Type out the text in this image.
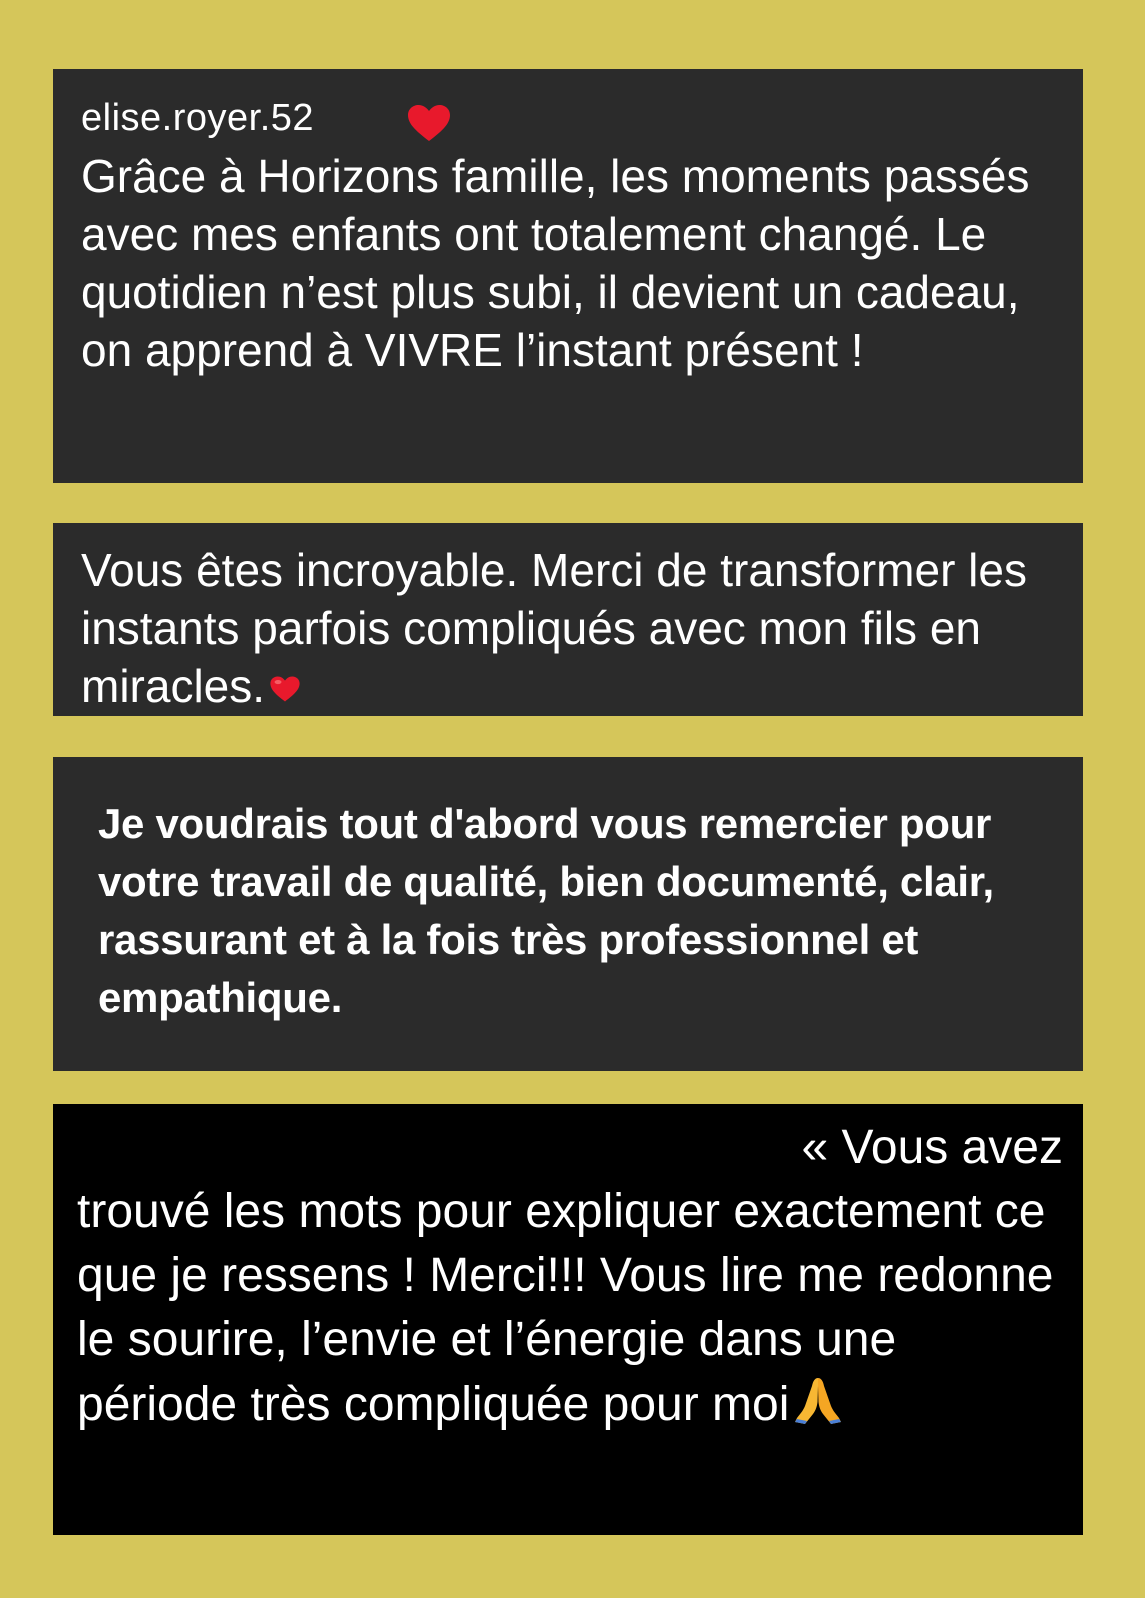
elise.royer.52

Grâce à Horizons famille, les moments passés avec mes enfants ont totalement changé. Le quotidien n’est plus subi, il devient un cadeau, on apprend à VIVRE l’instant présent !

Vous êtes incroyable. Merci de transformer les instants parfois compliqués avec mon fils en miracles.

Je voudrais tout d'abord vous remercier pour votre travail de qualité, bien documenté, clair, rassurant et à la fois très professionnel et empathique.

« Vous avez

trouvé les mots pour expliquer exactement ce que je ressens ! Merci!!! Vous lire me redonne le sourire, l’envie et l’énergie dans une période très compliquée pour moi
